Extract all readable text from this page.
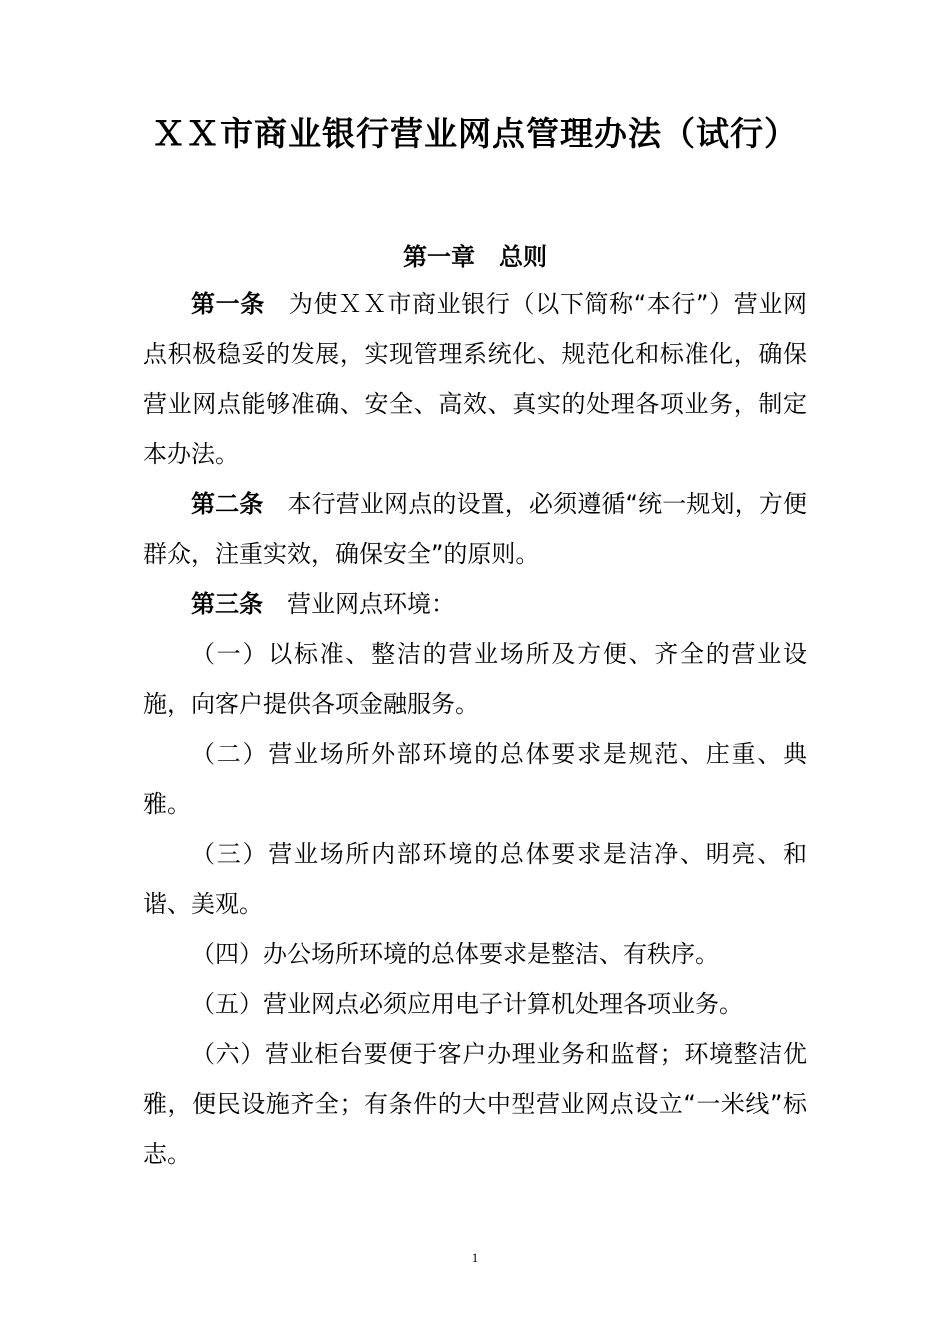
ＸＸ市商业银行营业网点管理办法（试行）
第一章　总则

第一条 为使ＸＸ市商业银行（以下简称“本行”）营业网点积极稳妥的发展，实现管理系统化、规范化和标准化，确保营业网点能够准确、安全、高效、真实的处理各项业务，制定本办法。

第二条 本行营业网点的设置，必须遵循“统一规划，方便群众，注重实效，确保安全”的原则。

第三条 营业网点环境：

（一）以标准、整洁的营业场所及方便、齐全的营业设施，向客户提供各项金融服务。

（二）营业场所外部环境的总体要求是规范、庄重、典雅。

（三）营业场所内部环境的总体要求是洁净、明亮、和谐、美观。

（四）办公场所环境的总体要求是整洁、有秩序。

（五）营业网点必须应用电子计算机处理各项业务。

（六）营业柜台要便于客户办理业务和监督；环境整洁优雅，便民设施齐全；有条件的大中型营业网点设立“一米线”标志。

1
